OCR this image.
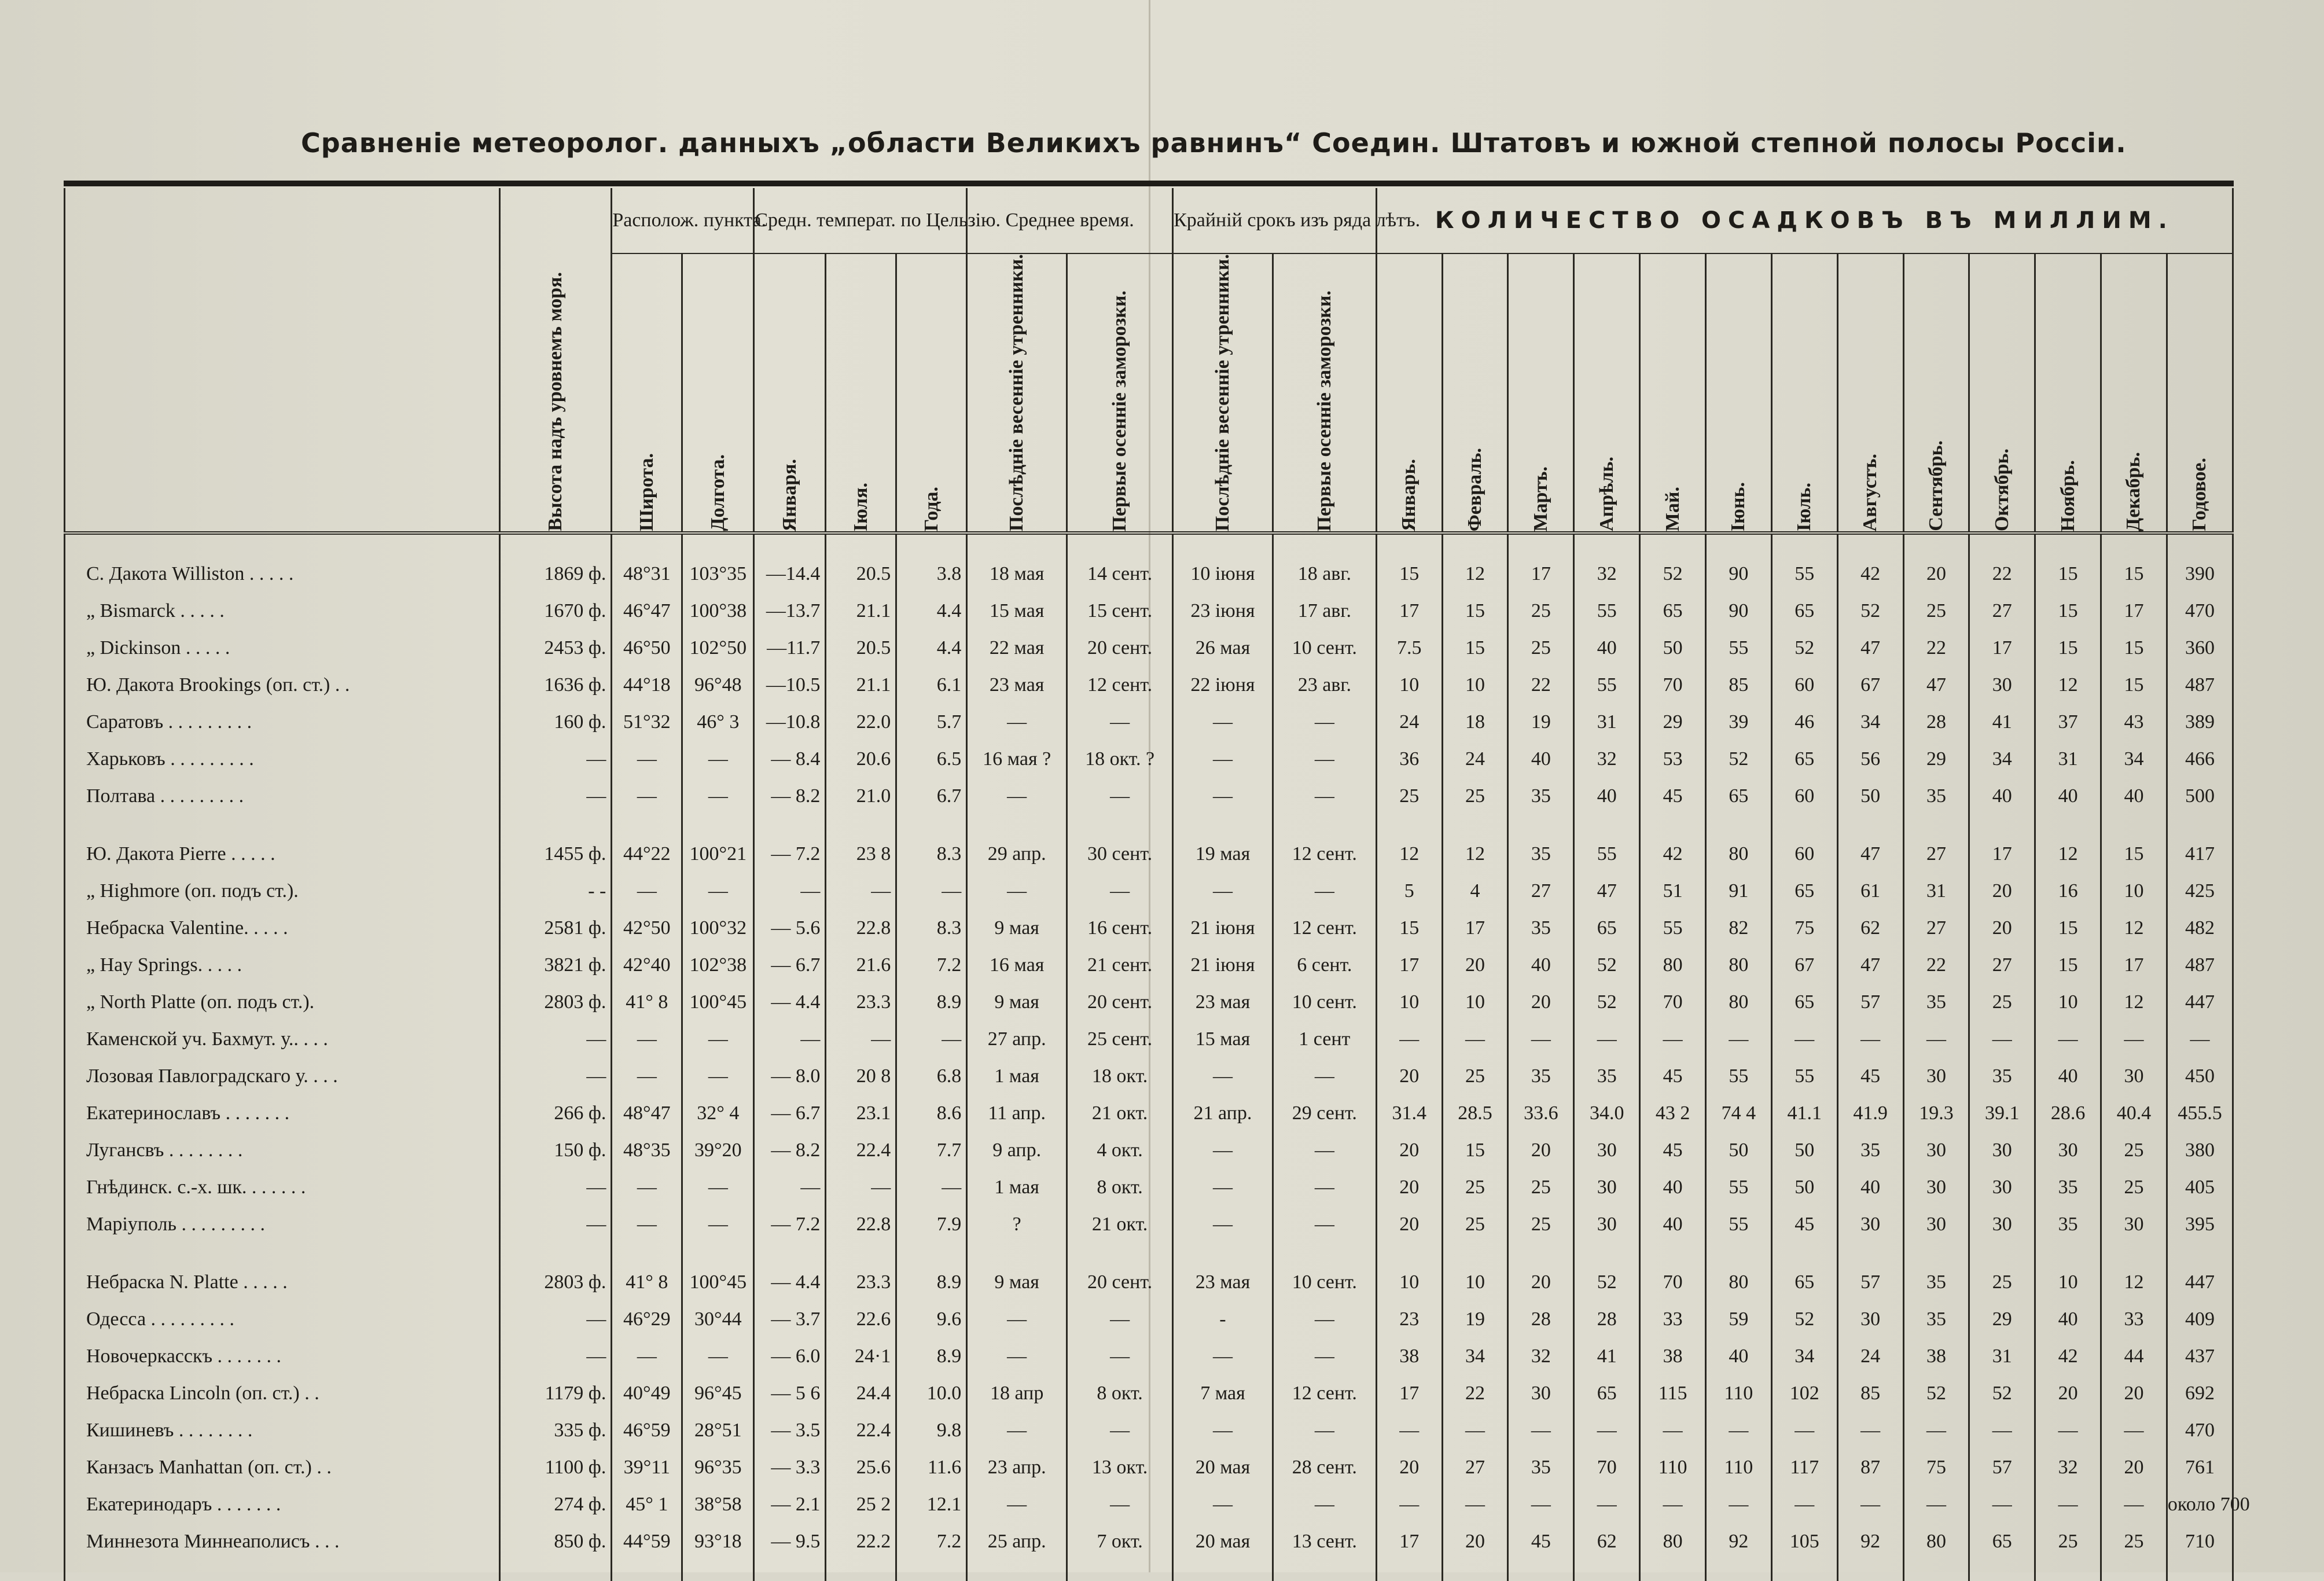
Сравненіе метеоролог. данныхъ „области Великихъ равнинъ“ Соедин. Штатовъ и южной степной полосы Россіи.

	Высота надъ уровнемъ моря.	Располож. пункта.		Средн. температ. по Цельзію.			Среднее время.		Крайній срокъ изъ ряда лѣтъ.		КОЛИЧЕСТВО ОСАДКОВЪ ВЪ МИЛЛИМ.												

		Широта.	Долгота.	Января.	Іюля.	Года.	Послѣдніе весенніе утренники.	Первые осенніе заморозки.	Послѣдніе весенніе утренники.	Первые осенніе заморозки.	Январь.	Февраль.	Мартъ.	Апрѣль.	Май.	Іюнь.	Іюль.	Августъ.	Сентябрь.	Октябрь.	Ноябрь.	Декабрь.	Годовое.

С. Дакота Williston . . . . .	1869 ф.	48°31	103°35	—14.4	20.5	3.8	18 мая	14 сент.	10 іюня	18 авг.	15	12	17	32	52	90	55	42	20	22	15	15	390
„ Bismarck . . . . .	1670 ф.	46°47	100°38	—13.7	21.1	4.4	15 мая	15 сент.	23 іюня	17 авг.	17	15	25	55	65	90	65	52	25	27	15	17	470
„ Dickinson . . . . .	2453 ф.	46°50	102°50	—11.7	20.5	4.4	22 мая	20 сент.	26 мая	10 сент.	7.5	15	25	40	50	55	52	47	22	17	15	15	360
Ю. Дакота Brookings (оп. ст.) . .	1636 ф.	44°18	96°48	—10.5	21.1	6.1	23 мая	12 сент.	22 іюня	23 авг.	10	10	22	55	70	85	60	67	47	30	12	15	487
Саратовъ . . . . . . . . .	160 ф.	51°32	46° 3	—10.8	22.0	5.7	—	—	—	—	24	18	19	31	29	39	46	34	28	41	37	43	389
Харьковъ . . . . . . . . .	—	—	—	— 8.4	20.6	6.5	16 мая ?	18 окт. ?	—	—	36	24	40	32	53	52	65	56	29	34	31	34	466
Полтава . . . . . . . . .	—	—	—	— 8.2	21.0	6.7	—	—	—	—	25	25	35	40	45	65	60	50	35	40	40	40	500

Ю. Дакота Pierre . . . . .	1455 ф.	44°22	100°21	— 7.2	23 8	8.3	29 апр.	30 сент.	19 мая	12 сент.	12	12	35	55	42	80	60	47	27	17	12	15	417
„ Highmore (оп. подъ ст.).	- -	—	—	—	—	—	—	—	—	—	5	4	27	47	51	91	65	61	31	20	16	10	425
Небраска Valentine. . . . .	2581 ф.	42°50	100°32	— 5.6	22.8	8.3	9 мая	16 сент.	21 іюня	12 сент.	15	17	35	65	55	82	75	62	27	20	15	12	482
„ Hay Springs. . . . .	3821 ф.	42°40	102°38	— 6.7	21.6	7.2	16 мая	21 сент.	21 іюня	6 сент.	17	20	40	52	80	80	67	47	22	27	15	17	487
„ North Platte (оп. подъ ст.).	2803 ф.	41° 8	100°45	— 4.4	23.3	8.9	9 мая	20 сент.	23 мая	10 сент.	10	10	20	52	70	80	65	57	35	25	10	12	447
Каменской уч. Бахмут. у.. . . .	—	—	—	—	—	—	27 апр.	25 сент.	15 мая	1 сент	—	—	—	—	—	—	—	—	—	—	—	—	—
Лозовая Павлоградскаго у. . . .	—	—	—	— 8.0	20 8	6.8	1 мая	18 окт.	—	—	20	25	35	35	45	55	55	45	30	35	40	30	450
Екатеринославъ . . . . . . .	266 ф.	48°47	32° 4	— 6.7	23.1	8.6	11 апр.	21 окт.	21 апр.	29 сент.	31.4	28.5	33.6	34.0	43 2	74 4	41.1	41.9	19.3	39.1	28.6	40.4	455.5
Лугансвъ . . . . . . . .	150 ф.	48°35	39°20	— 8.2	22.4	7.7	9 апр.	4 окт.	—	—	20	15	20	30	45	50	50	35	30	30	30	25	380
Гнѣдинск. с.-х. шк. . . . . . .	—	—	—	—	—	—	1 мая	8 окт.	—	—	20	25	25	30	40	55	50	40	30	30	35	25	405
Маріуполь . . . . . . . . .	—	—	—	— 7.2	22.8	7.9	?	21 окт.	—	—	20	25	25	30	40	55	45	30	30	30	35	30	395

Небраска N. Platte . . . . .	2803 ф.	41° 8	100°45	— 4.4	23.3	8.9	9 мая	20 сент.	23 мая	10 сент.	10	10	20	52	70	80	65	57	35	25	10	12	447
Одесса . . . . . . . . .	—	46°29	30°44	— 3.7	22.6	9.6	—	—	-	—	23	19	28	28	33	59	52	30	35	29	40	33	409
Новочеркасскъ . . . . . . .	—	—	—	— 6.0	24·1	8.9	—	—	—	—	38	34	32	41	38	40	34	24	38	31	42	44	437
Небраска Lincoln (оп. ст.) . .	1179 ф.	40°49	96°45	— 5 6	24.4	10.0	18 апр	8 окт.	7 мая	12 сент.	17	22	30	65	115	110	102	85	52	52	20	20	692
Кишиневъ . . . . . . . .	335 ф.	46°59	28°51	— 3.5	22.4	9.8	—	—	—	—	—	—	—	—	—	—	—	—	—	—	—	—	470
Канзасъ Manhattan (оп. ст.) . .	1100 ф.	39°11	96°35	— 3.3	25.6	11.6	23 апр.	13 окт.	20 мая	28 сент.	20	27	35	70	110	110	117	87	75	57	32	20	761
Екатеринодаръ . . . . . . .	274 ф.	45° 1	38°58	— 2.1	25 2	12.1	—	—	—	—	—	—	—	—	—	—	—	—	—	—	—	—	около 700
Миннезота Миннеаполисъ . . .	850 ф.	44°59	93°18	— 9.5	22.2	7.2	25 апр.	7 окт.	20 мая	13 сент.	17	20	45	62	80	92	105	92	80	65	25	25	710
